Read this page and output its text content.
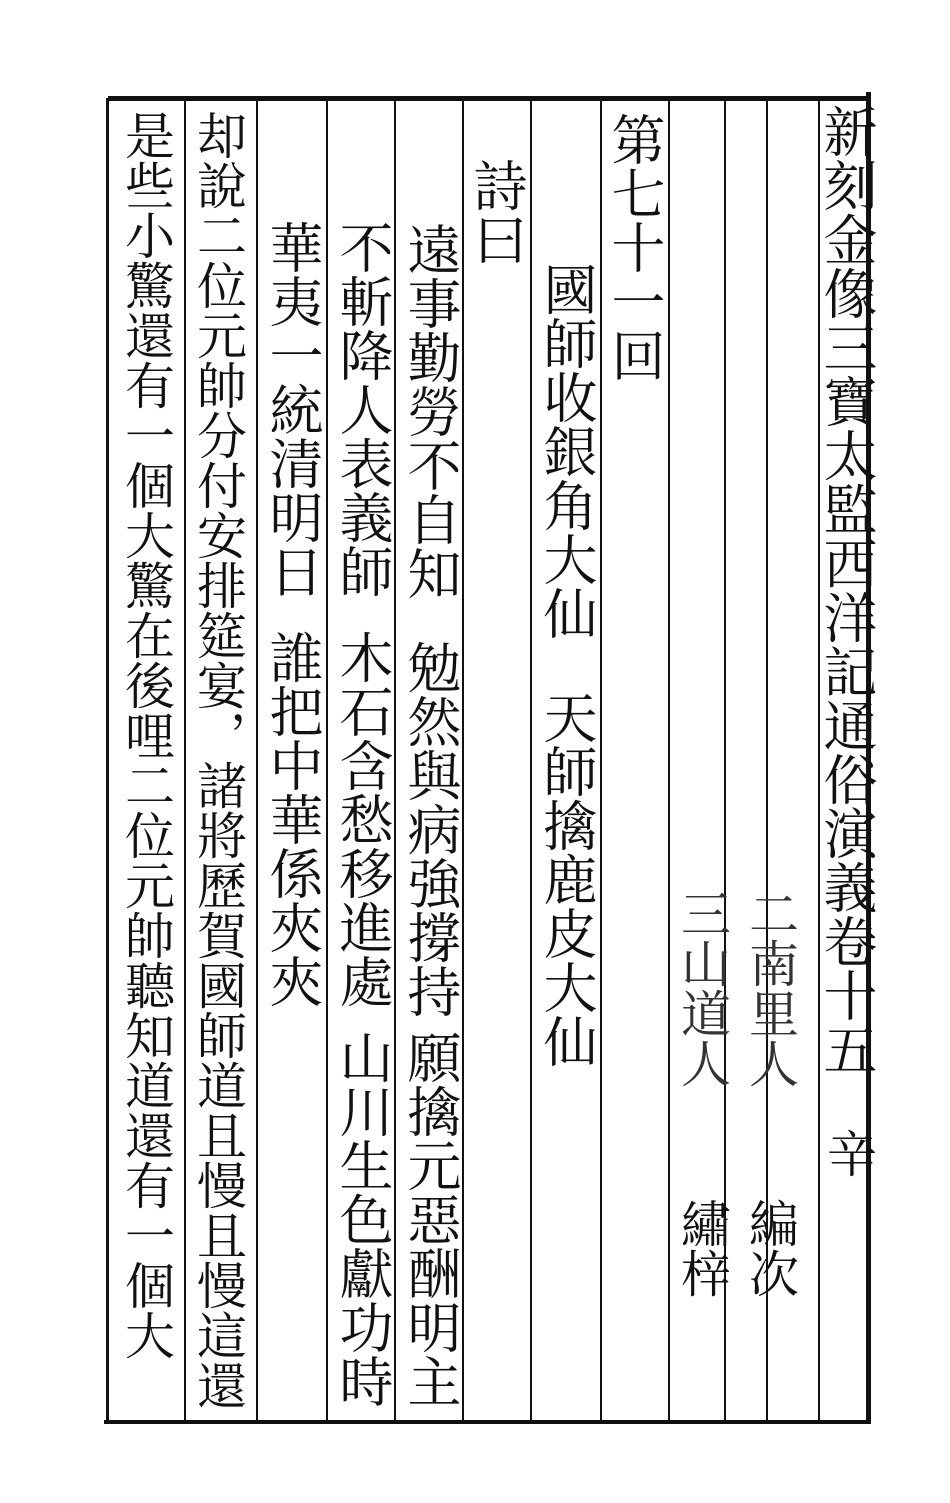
新刻金像三寶太監西洋記通俗演義卷十五
辛
二南里人
編次
三山道人
繡梓
第七十一回
國師收銀角大仙
天師擒鹿皮大仙
詩曰
遠事勤勞不自知
勉然與病強撐持
願擒元惡酬明主
不斬降人表義師
木石含愁移進處
山川生色獻功時
華夷一統清明日
誰把中華係夾夾
却說二位元帥分付安排筵宴，諸將歷賀國師道且慢且慢這還
是些小驚還有一個大驚在後哩二位元帥聽知道還有一個大
